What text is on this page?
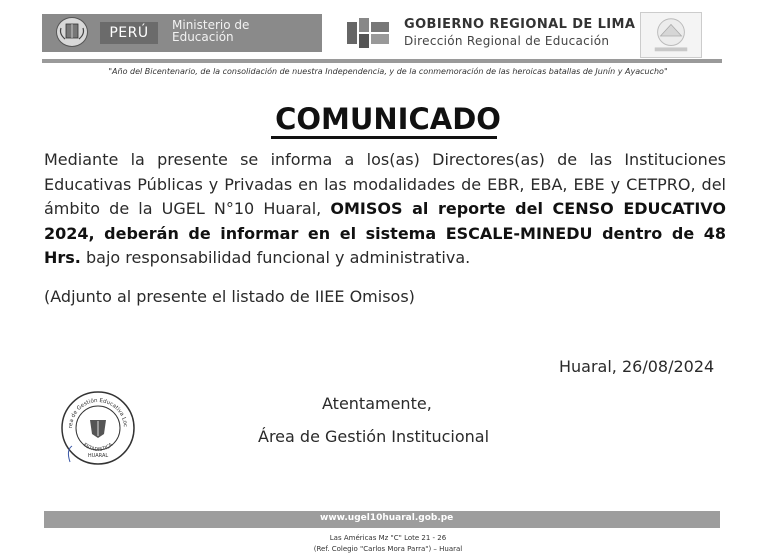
PERÚ	Ministerio de Educación
GOBIERNO REGIONAL DE LIMA
Dirección Regional de Educación
"Año del Bicentenario, de la consolidación de nuestra Independencia, y de la conmemoración de las heroicas batallas de Junín y Ayacucho"
COMUNICADO
Mediante la presente se informa a los(as) Directores(as) de las Instituciones Educativas Públicas y Privadas en las modalidades de EBR, EBA, EBE y CETPRO, del ámbito de la UGEL N°10 Huaral, OMISOS al reporte del CENSO EDUCATIVO 2024, deberán de informar en el sistema ESCALE-MINEDU dentro de 48 Hrs. bajo responsabilidad funcional y administrativa.
(Adjunto al presente el listado de IIEE Omisos)
Huaral, 26/08/2024
Atentamente,
Área de Gestión Institucional
rea de Gestión Educativa Loc
ESTADISTICA
HUARAL
www.ugel10huaral.gob.pe
Las Américas Mz "C" Lote 21 - 26
(Ref. Colegio "Carlos Mora Parra") – Huaral
